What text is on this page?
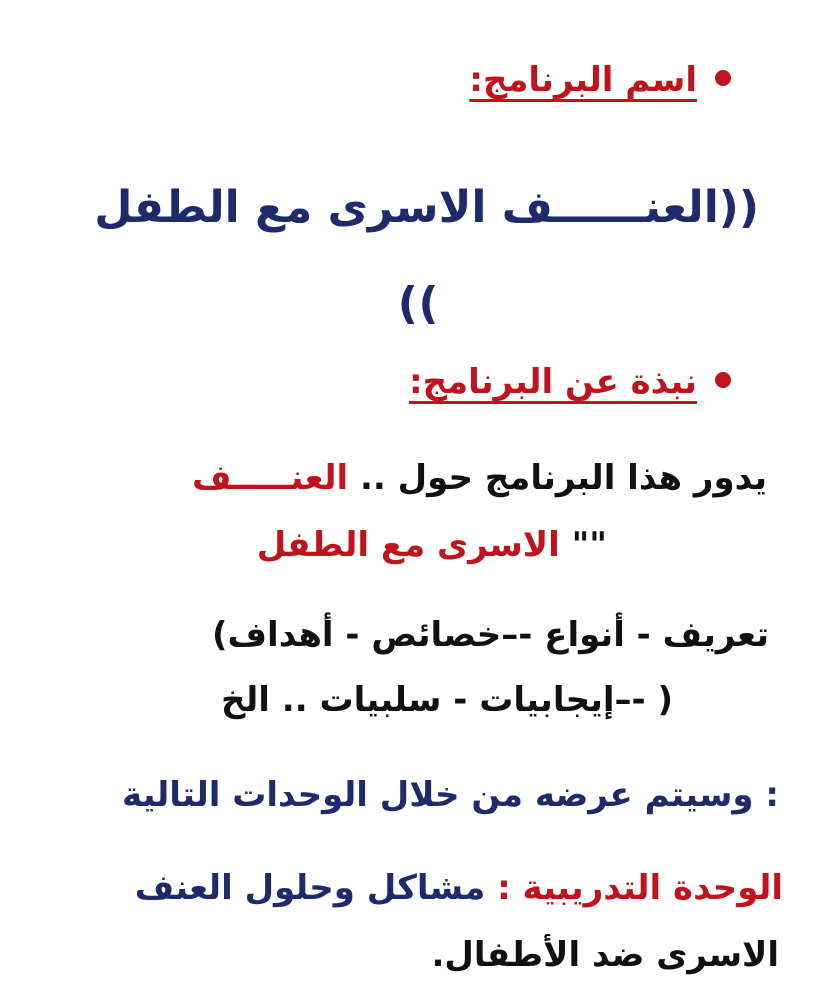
اسم البرنامج:
((العنــــــف الاسرى مع الطفل
))
نبذة عن البرنامج:
يدور هذا البرنامج حول .. العنـــــف
"" الاسرى مع الطفل
تعريف - أنواع -–خصائص - أهداف)
( -–إيجابيات - سلبيات .. الخ
: وسيتم عرضه من خلال الوحدات التالية
الوحدة التدريبية : مشاكل وحلول العنف
الاسرى ضد الأطفال.
